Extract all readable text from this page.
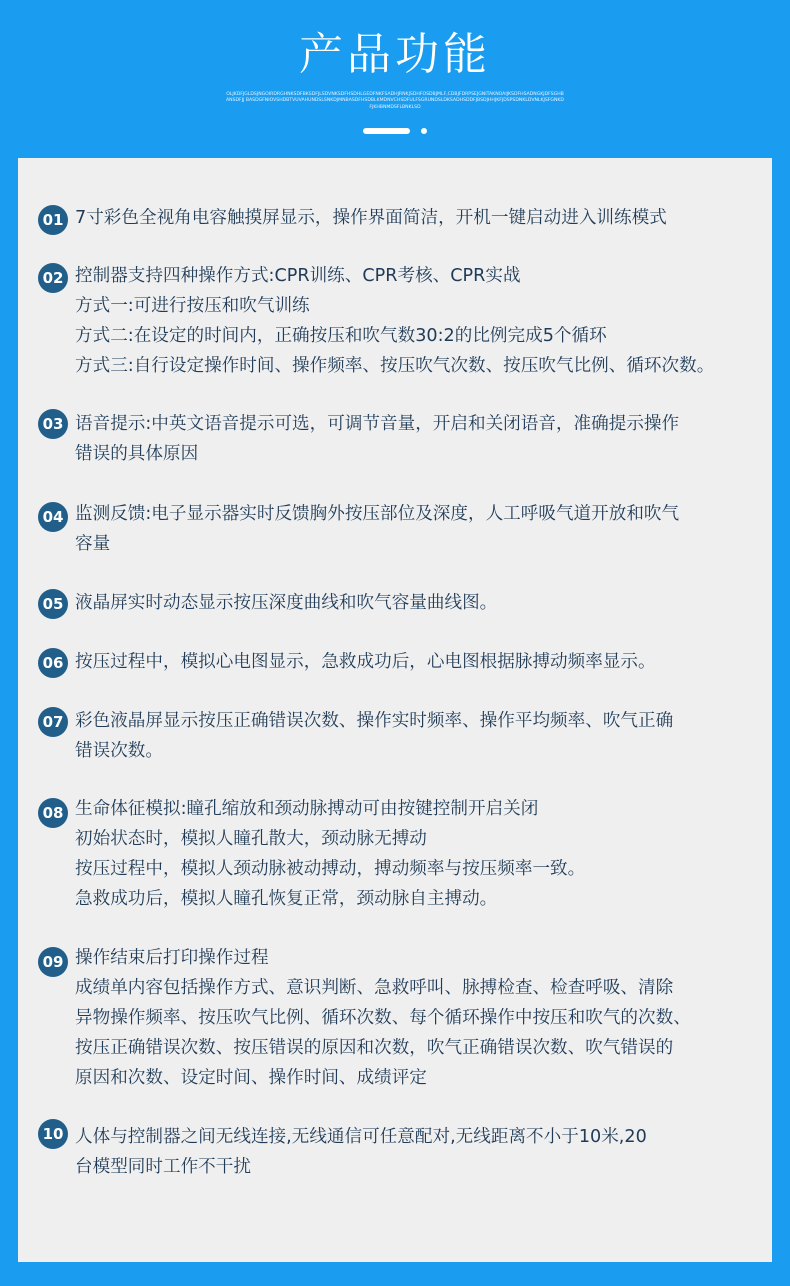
产品功能
OLJKDFJGLDSJNGOIRDRGHNKSDFBKSDFJLSDVNKSDFHSDHLGEDFNKFSADHJRNKJSDHFOSDBJMLF,CDBJFDRPSEJGNITAKNOAIJKSDFHSADNGKJDFSGHBANSDFJJ BASDGFNIOVSHDBTVUVAHUNDSLSNKDJMNBASDFHSDBLKMDNVCHSDFULFSGRUNDSLDKSADHSDDFJBSDJHHJKFJDSPSDNKLDVNLKJSFGNKDFJKHBNMDSFLBNKLSD
01 7寸彩色全视角电容触摸屏显示，操作界面简洁，开机一键启动进入训练模式
02 控制器支持四种操作方式:CPR训练、CPR考核、CPR实战
方式一:可进行按压和吹气训练
方式二:在设定的时间内，正确按压和吹气数30:2的比例完成5个循环
方式三:自行设定操作时间、操作频率、按压吹气次数、按压吹气比例、循环次数。
03 语音提示:中英文语音提示可选，可调节音量，开启和关闭语音，准确提示操作
错误的具体原因
04 监测反馈:电子显示器实时反馈胸外按压部位及深度，人工呼吸气道开放和吹气
容量
05 液晶屏实时动态显示按压深度曲线和吹气容量曲线图。
06 按压过程中，模拟心电图显示，急救成功后，心电图根据脉搏动频率显示。
07 彩色液晶屏显示按压正确错误次数、操作实时频率、操作平均频率、吹气正确
错误次数。
08 生命体征模拟:瞳孔缩放和颈动脉搏动可由按键控制开启关闭
初始状态时，模拟人瞳孔散大，颈动脉无搏动
按压过程中，模拟人颈动脉被动搏动，搏动频率与按压频率一致。
急救成功后，模拟人瞳孔恢复正常，颈动脉自主搏动。
09 操作结束后打印操作过程
成绩单内容包括操作方式、意识判断、急救呼叫、脉搏检查、检查呼吸、清除
异物操作频率、按压吹气比例、循环次数、每个循环操作中按压和吹气的次数、
按压正确错误次数、按压错误的原因和次数，吹气正确错误次数、吹气错误的
原因和次数、设定时间、操作时间、成绩评定
10 人体与控制器之间无线连接,无线通信可任意配对,无线距离不小于10米,20
台模型同时工作不干扰
